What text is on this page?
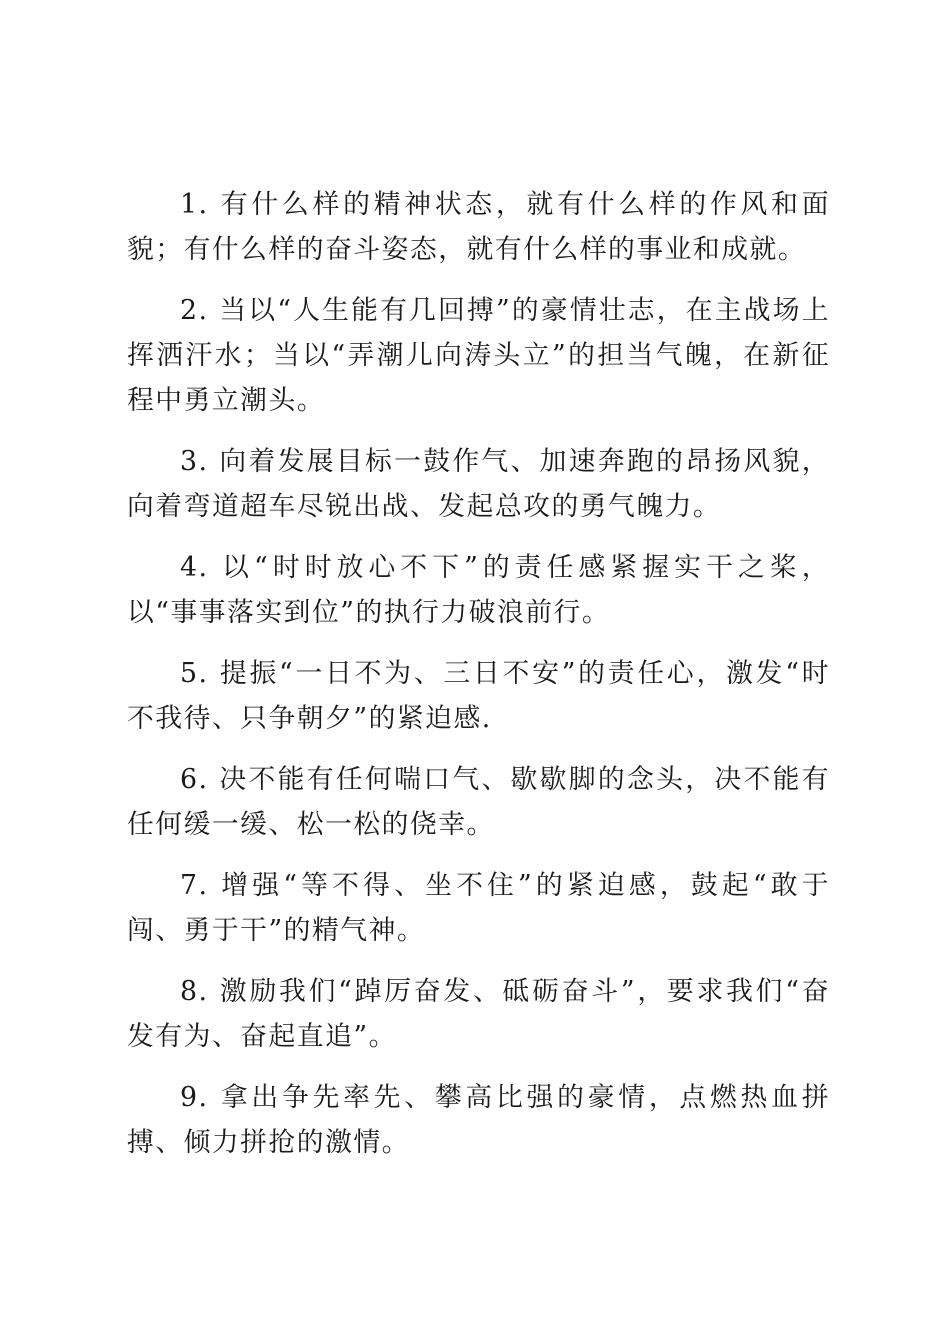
1. 有什么样的精神状态，就有什么样的作风和面貌；有什么样的奋斗姿态，就有什么样的事业和成就。

2. 当以“人生能有几回搏”的豪情壮志，在主战场上挥洒汗水；当以“弄潮儿向涛头立”的担当气魄，在新征程中勇立潮头。

3. 向着发展目标一鼓作气、加速奔跑的昂扬风貌，向着弯道超车尽锐出战、发起总攻的勇气魄力。

4. 以“时时放心不下”的责任感紧握实干之桨，以“事事落实到位”的执行力破浪前行。

5. 提振“一日不为、三日不安”的责任心，激发“时不我待、只争朝夕”的紧迫感.

6. 决不能有任何喘口气、歇歇脚的念头，决不能有任何缓一缓、松一松的侥幸。

7. 增强“等不得、坐不住”的紧迫感，鼓起“敢于闯、勇于干”的精气神。

8. 激励我们“踔厉奋发、砥砺奋斗”，要求我们“奋发有为、奋起直追”。

9. 拿出争先率先、攀高比强的豪情，点燃热血拼搏、倾力拼抢的激情。
